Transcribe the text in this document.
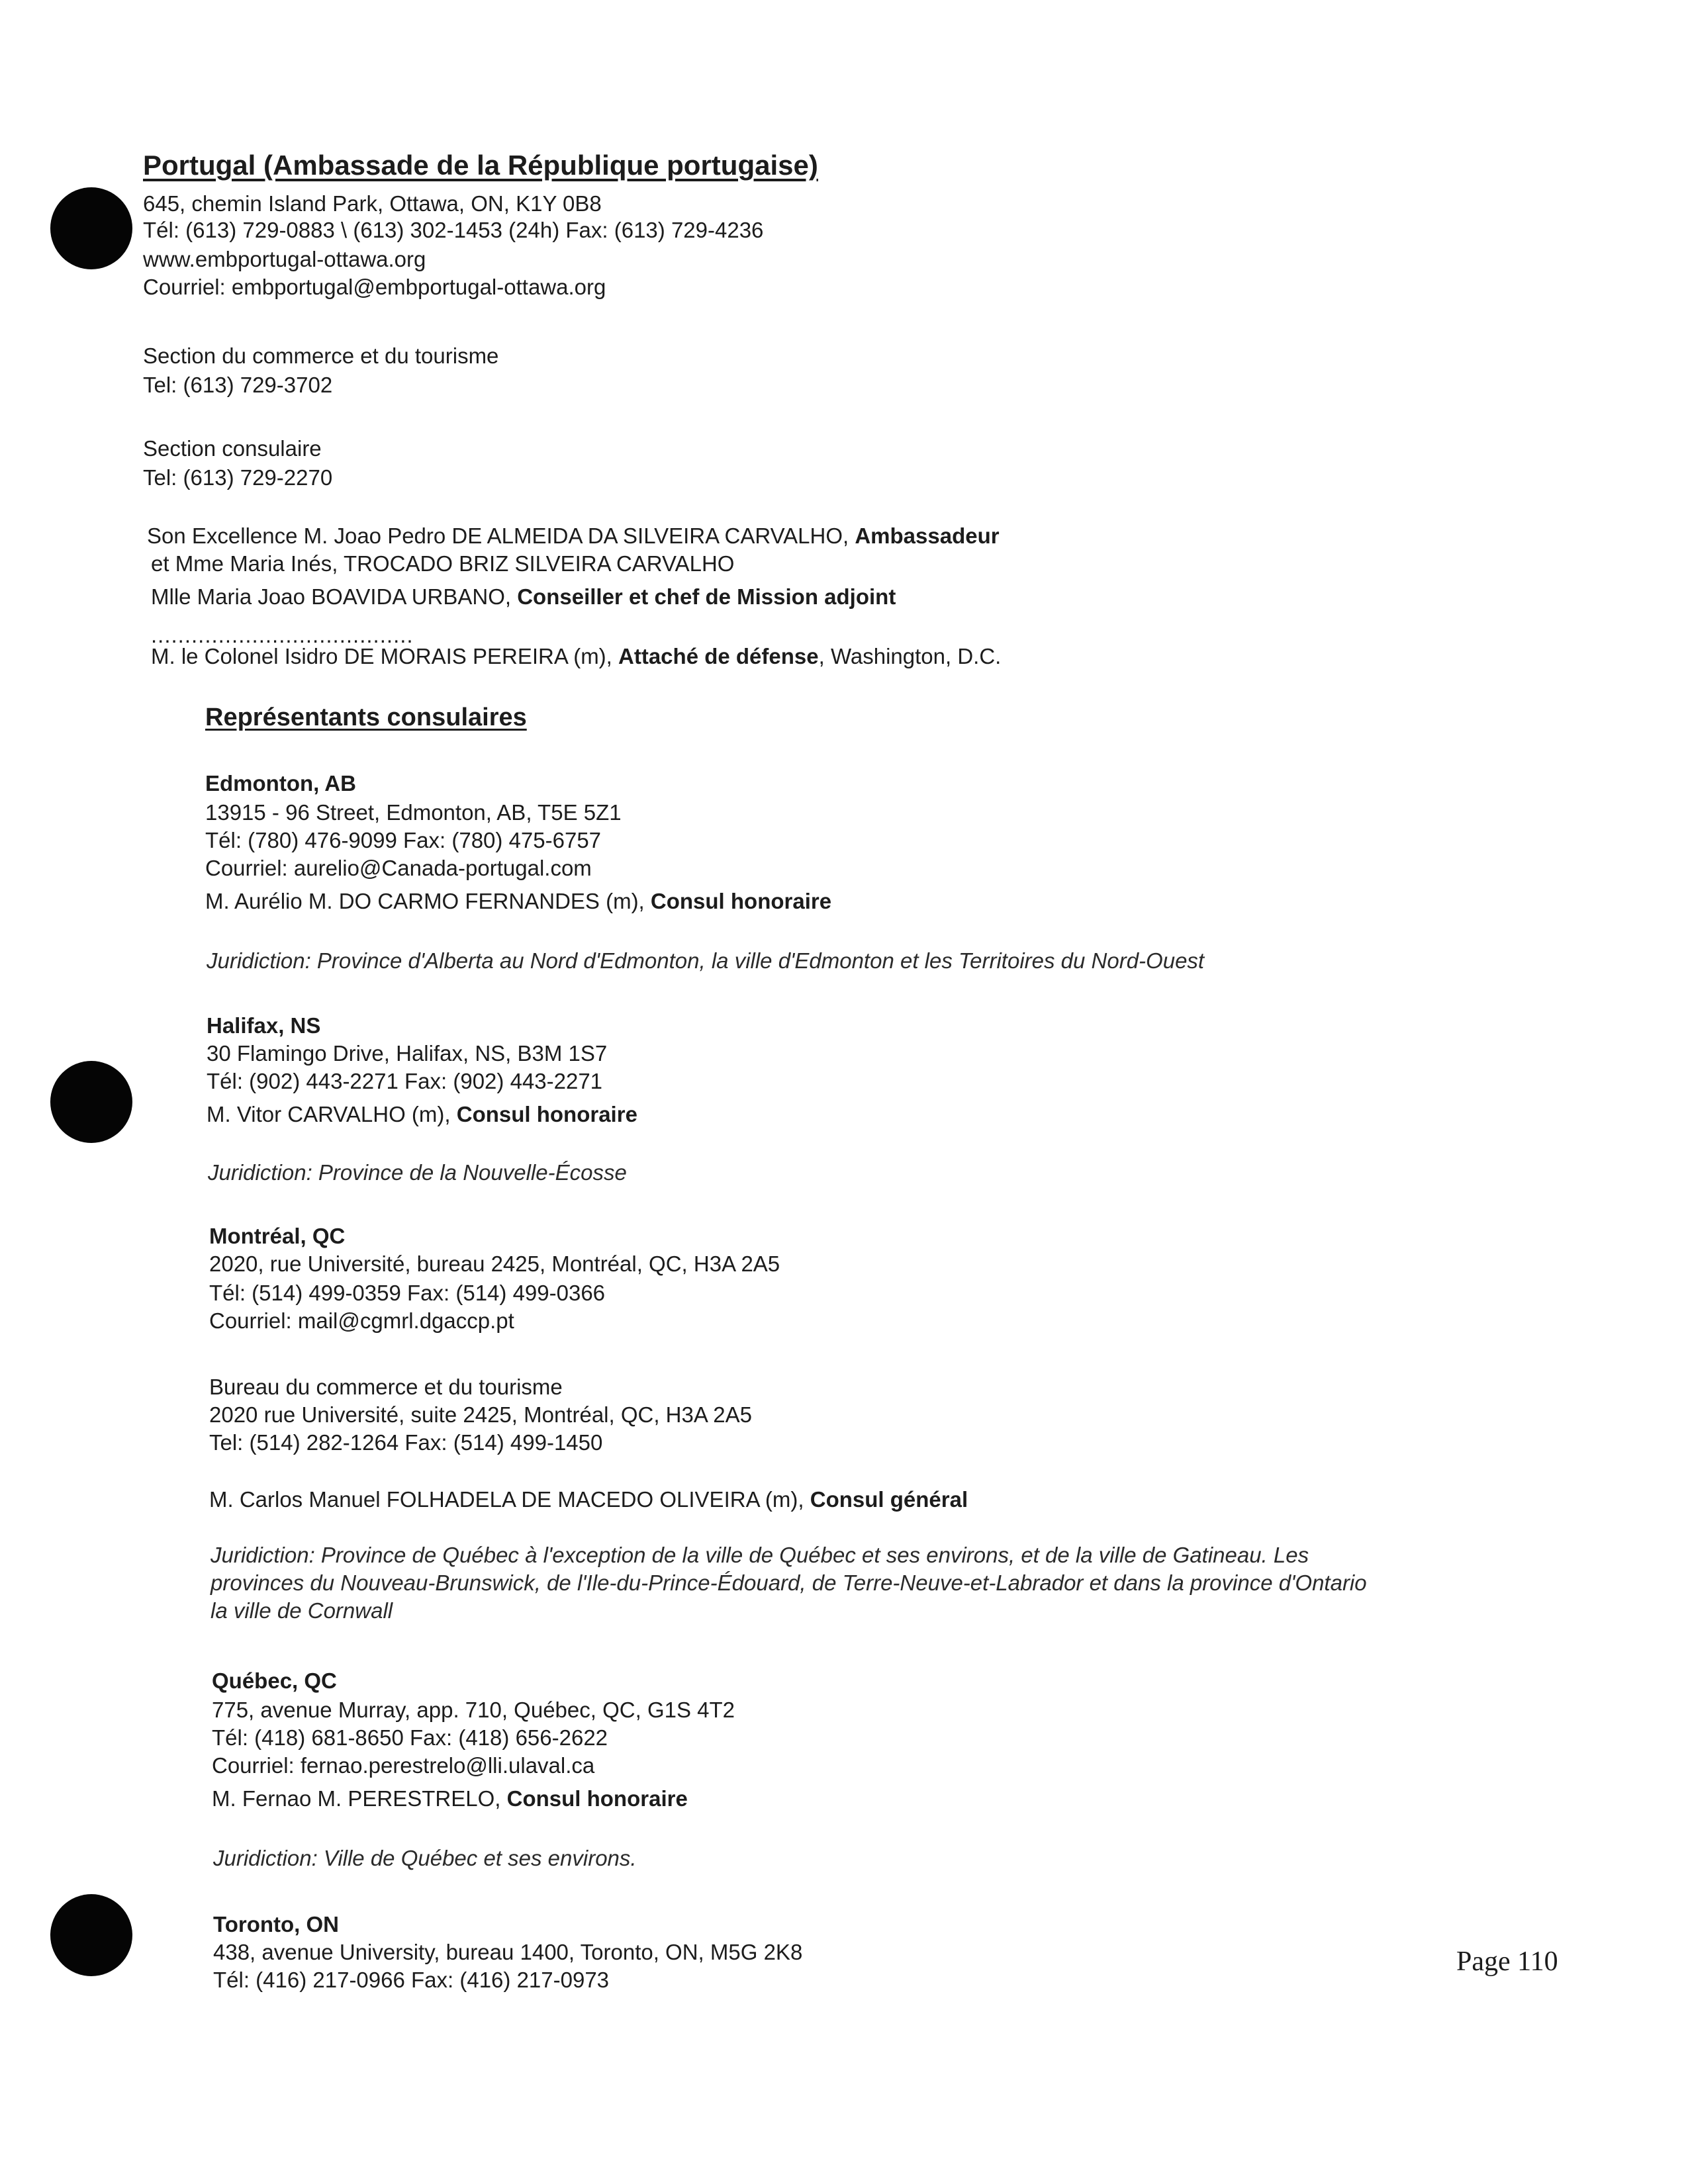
Portugal (Ambassade de la République portugaise)
645, chemin Island Park, Ottawa, ON, K1Y 0B8
Tél: (613) 729-0883 \ (613) 302-1453 (24h) Fax: (613) 729-4236
www.embportugal-ottawa.org
Courriel: embportugal@embportugal-ottawa.org
Section du commerce et du tourisme
Tel: (613) 729-3702
Section consulaire
Tel: (613) 729-2270
Son Excellence M. Joao Pedro DE ALMEIDA DA SILVEIRA CARVALHO, Ambassadeur
et Mme Maria Inés, TROCADO BRIZ SILVEIRA CARVALHO
Mlle Maria Joao BOAVIDA URBANO, Conseiller et chef de Mission adjoint
.......................................
M. le Colonel Isidro DE MORAIS PEREIRA (m), Attaché de défense, Washington, D.C.
Représentants consulaires
Edmonton, AB
13915 - 96 Street, Edmonton, AB, T5E 5Z1
Tél: (780) 476-9099 Fax: (780) 475-6757
Courriel: aurelio@Canada-portugal.com
M. Aurélio M. DO CARMO FERNANDES (m), Consul honoraire
Juridiction: Province d'Alberta au Nord d'Edmonton, la ville d'Edmonton et les Territoires du Nord-Ouest
Halifax, NS
30 Flamingo Drive, Halifax, NS, B3M 1S7
Tél: (902) 443-2271 Fax: (902) 443-2271
M. Vitor CARVALHO (m), Consul honoraire
Juridiction: Province de la Nouvelle-Écosse
Montréal, QC
2020, rue Université, bureau 2425, Montréal, QC, H3A 2A5
Tél: (514) 499-0359 Fax: (514) 499-0366
Courriel: mail@cgmrl.dgaccp.pt
Bureau du commerce et du tourisme
2020 rue Université, suite 2425, Montréal, QC, H3A 2A5
Tel: (514) 282-1264 Fax: (514) 499-1450
M. Carlos Manuel FOLHADELA DE MACEDO OLIVEIRA (m), Consul général
Juridiction: Province de Québec à l'exception de la ville de Québec et ses environs, et de la ville de Gatineau. Les
provinces du Nouveau-Brunswick, de l'Ile-du-Prince-Édouard, de Terre-Neuve-et-Labrador et dans la province d'Ontario
la ville de Cornwall
Québec, QC
775, avenue Murray, app. 710, Québec, QC, G1S 4T2
Tél: (418) 681-8650 Fax: (418) 656-2622
Courriel: fernao.perestrelo@lli.ulaval.ca
M. Fernao M. PERESTRELO, Consul honoraire
Juridiction: Ville de Québec et ses environs.
Toronto, ON
438, avenue University, bureau 1400, Toronto, ON, M5G 2K8
Tél: (416) 217-0966 Fax: (416) 217-0973
Page 110
